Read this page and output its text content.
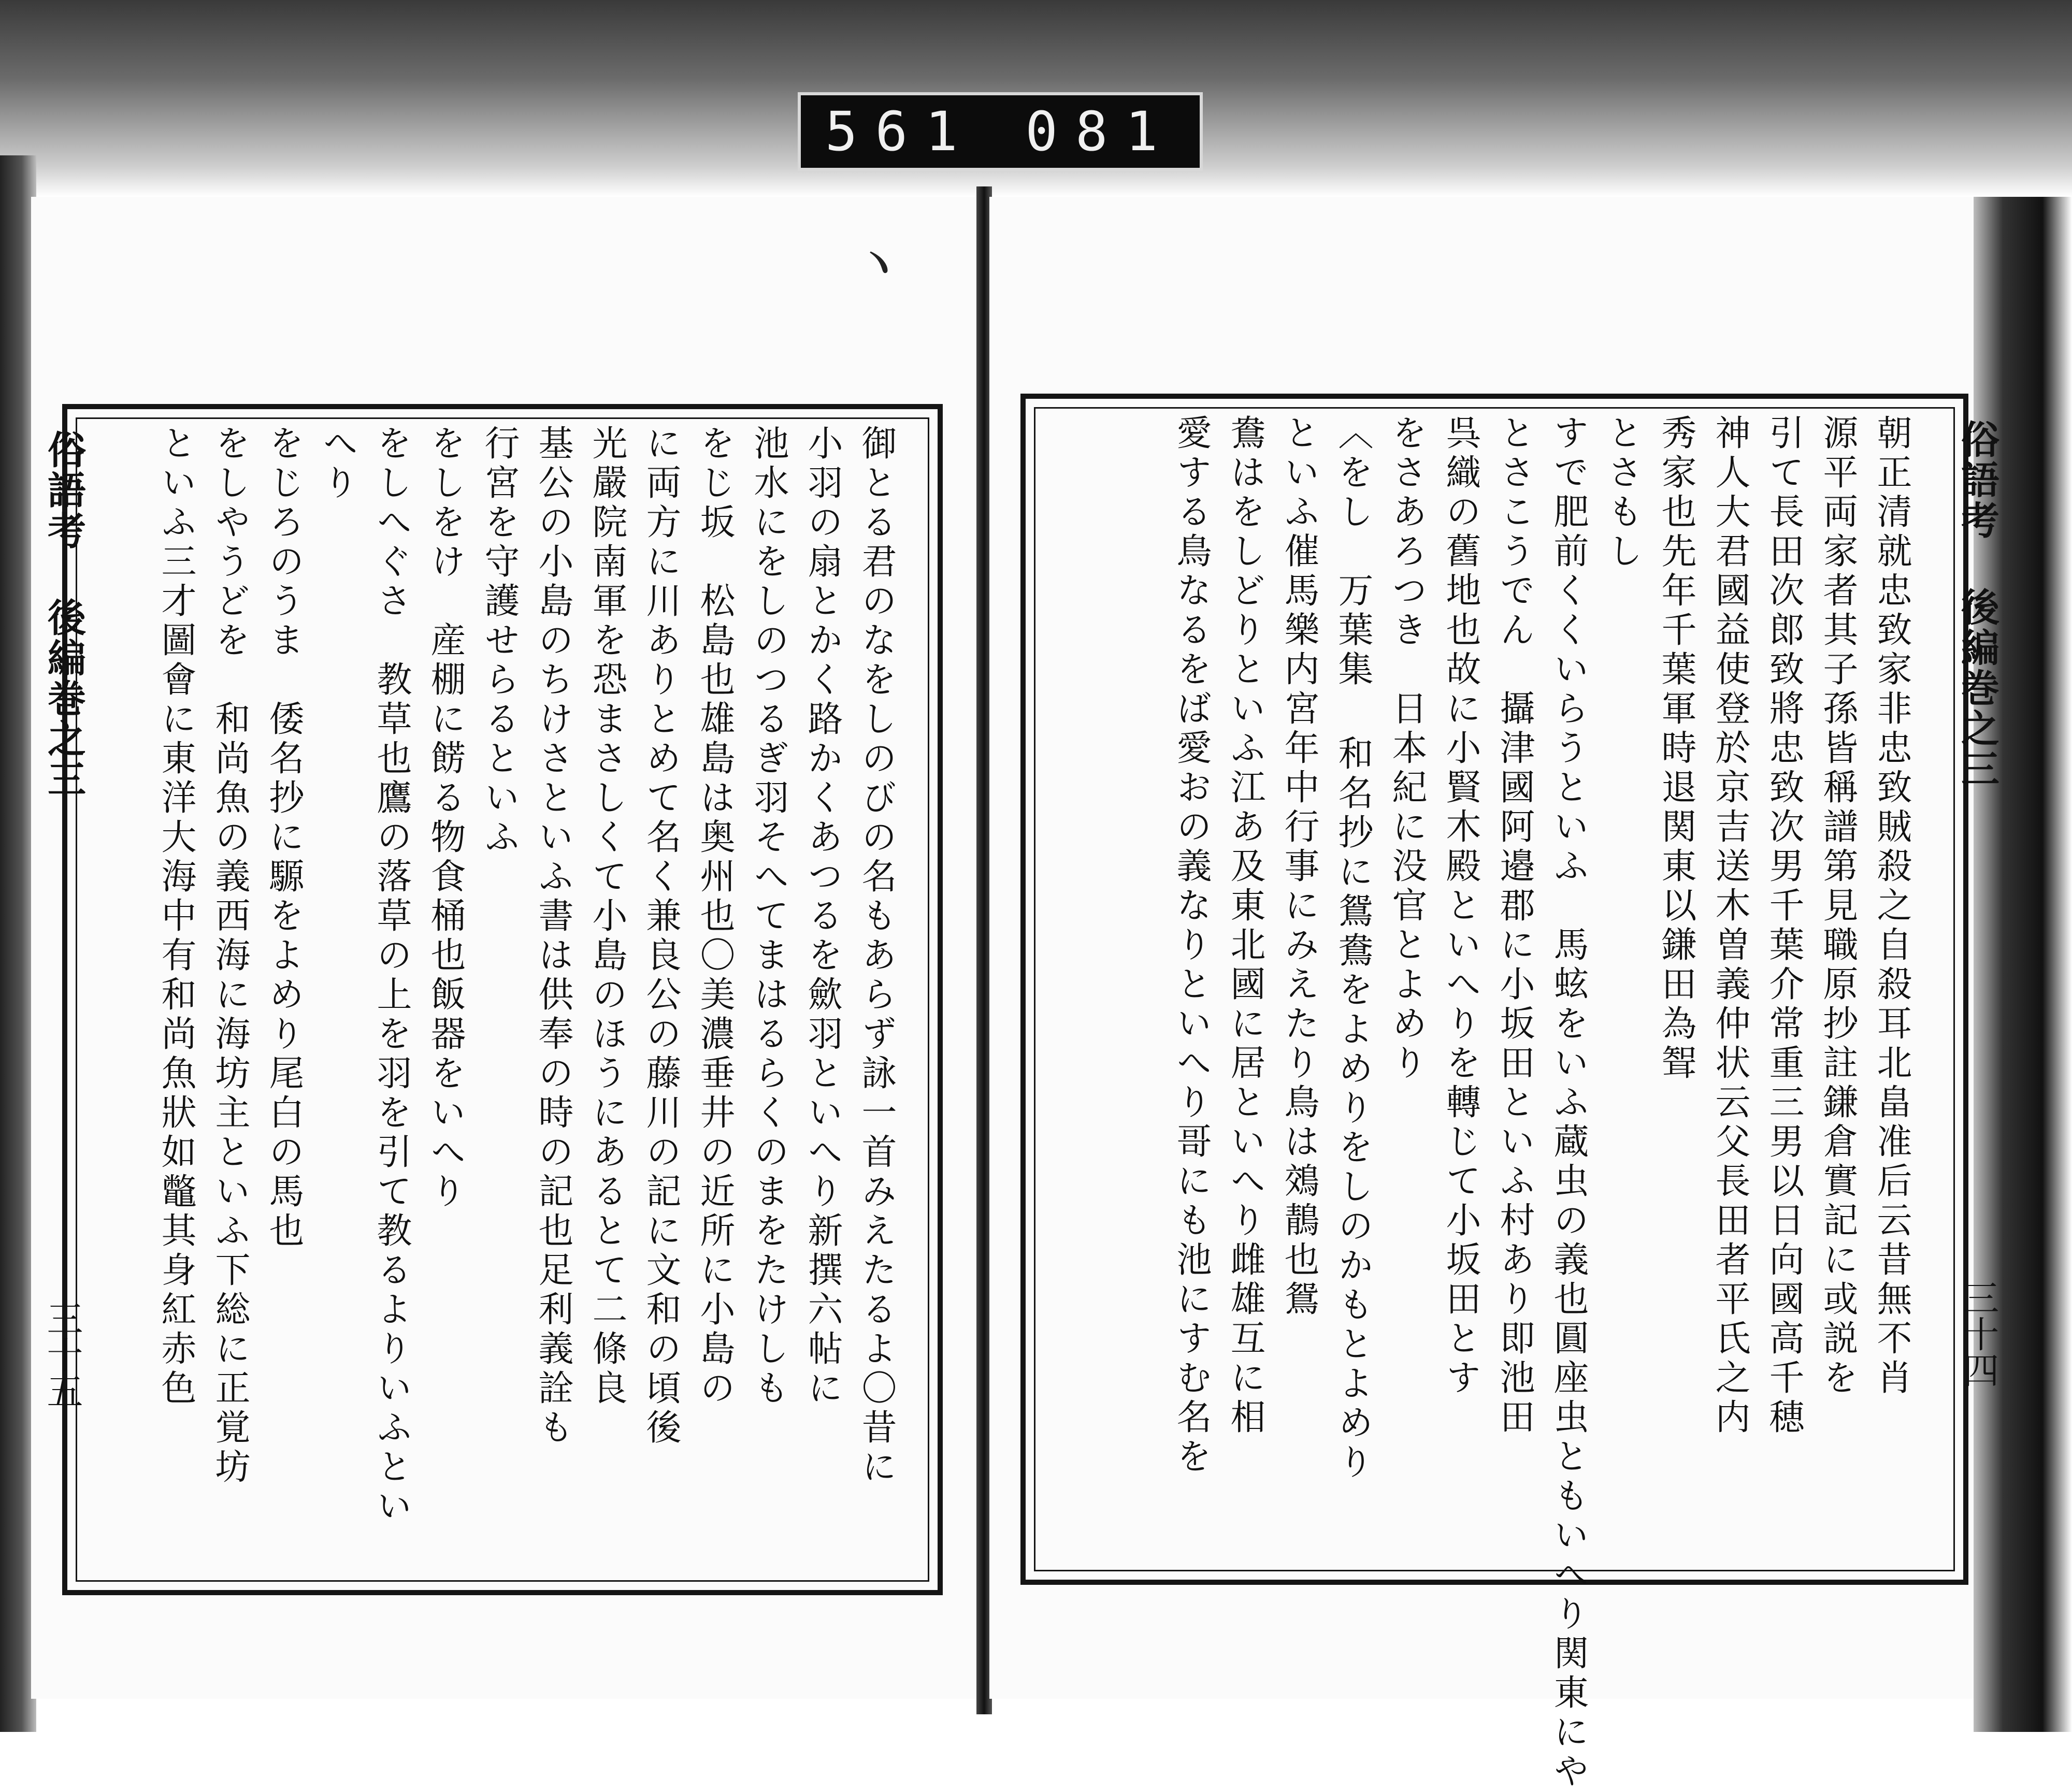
561 081
ヽ
俗語考 後編巻之三
三十五	御とる君のなをしのびの名もあらず詠一首みえたるよ〇昔に
小羽の扇とかく路かくあつるを歛羽といへり新撰六帖に
池水にをしのつるぎ羽そへてまはるらくのまをたけしも
をじ坂　松島也雄島は奥州也〇美濃垂井の近所に小島の
に両方に川ありとめて名く兼良公の藤川の記に文和の頃後
光嚴院南軍を恐まさしくて小島のほうにあるとて二條良
基公の小島のちけさといふ書は供奉の時の記也足利義詮も
行宮を守護せらるといふ
をしをけ　産棚に餝る物食桶也飯器をいへり
をしへぐさ　教草也鷹の落草の上を羽を引て教るよりいふとい
へり
をじろのうま　倭名抄に騵をよめり尾白の馬也
をしやうどを　和尚魚の義西海に海坊主といふ下総に正覚坊
といふ三才圖會に東洋大海中有和尚魚狀如鼈其身紅赤色	俗語考 後編巻之三
三十四
朝正清就忠致家非忠致賊殺之自殺耳北畠准后云昔無不肖
源平両家者其子孫皆稱譜第見職原抄註鎌倉實記に或説を
引て長田次郎致將忠致次男千葉介常重三男以日向國高千穂
神人大君國益使登於京吉送木曽義仲状云父長田者平氏之内
秀家也先年千葉軍時退関東以鎌田為聟
とさもし
すで肥前くくいらうといふ　馬蚿をいふ蔵虫の義也圓座虫ともいへり関東にや
とさこうでん　攝津國阿邉郡に小坂田といふ村あり即池田
呉織の舊地也故に小賢木殿といへりを轉じて小坂田とす
をさあろつき　日本紀に没官とよめり
〈をし　万葉集 和名抄に鴛鴦をよめりをしのかもとよめり
といふ催馬樂内宮年中行事にみえたり鳥は鵁鶄也鴛
鴦はをしどりといふ江あ及東北國に居といへり雌雄互に相
愛する鳥なるをば愛おの義なりといへり哥にも池にすむ名を
